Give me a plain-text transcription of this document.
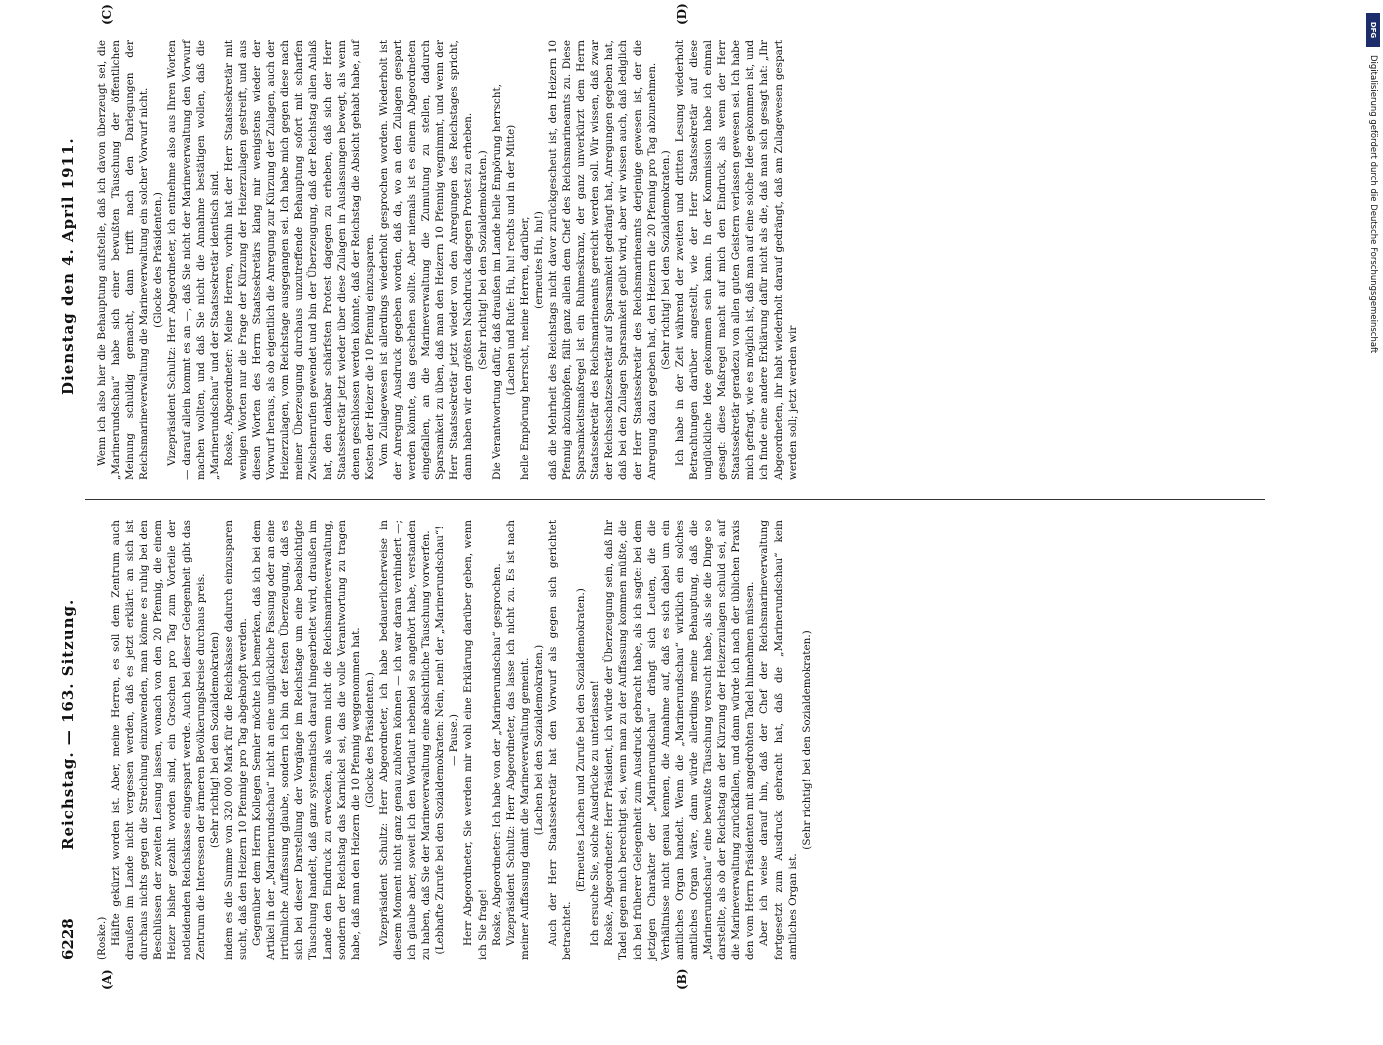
6228
Reichstag. — 163. Sitzung.
Dienstag den 4. April 1911.
(A)	(B)
(C)	(D)

(Roske.) Hälfte gekürzt worden ist. Aber, meine Herren, es soll dem Zentrum auch draußen im Lande nicht vergessen werden, daß es jetzt erklärt: an sich ist durchaus nichts gegen die Streichung einzuwenden, man könne es ruhig bei den Beschlüssen der zweiten Lesung lassen, wonach von den 20 Pfennig, die einem Heizer bisher gezahlt worden sind, ein Groschen pro Tag zum Vorteile der notleidenden Reichskasse eingespart werde. Auch bei dieser Gelegenheit gibt das Zentrum die Interessen der ärmeren Bevölkerungskreise durchaus preis. (Sehr richtig! bei den Sozialdemokraten) indem es die Summe von 320 000 Mark für die Reichskasse dadurch einzusparen sucht, daß den Heizern 10 Pfennige pro Tag abgeknöpft werden. Gegenüber dem Herrn Kollegen Semler möchte ich bemerken, daß ich bei dem Artikel in der „Marinerundschau“ nicht an eine unglückliche Fassung oder an eine irrtümliche Auffassung glaube, sondern ich bin der festen Überzeugung, daß es sich bei dieser Darstellung der Vorgänge im Reichstage um eine beabsichtigte Täuschung handelt, daß ganz systematisch darauf hingearbeitet wird, draußen im Lande den Eindruck zu erwecken, als wenn nicht die Reichsmarineverwaltung, sondern der Reichstag das Karnickel sei, das die volle Verantwortung zu tragen habe, daß man den Heizern die 10 Pfennig weggenommen hat. (Glocke des Präsidenten.) Vizepräsident Schultz: Herr Abgeordneter, ich habe bedauerlicherweise in diesem Moment nicht ganz genau zuhören können — ich war daran verhindert —; ich glaube aber, soweit ich den Wortlaut nebenbei so angehört habe, verstanden zu haben, daß Sie der Marineverwaltung eine absichtliche Täuschung vorwerfen. (Lebhafte Zurufe bei den Sozialdemokraten: Nein, nein! der „Marinerundschau“! — Pause.) Herr Abgeordneter, Sie werden mir wohl eine Erklärung darüber geben, wenn ich Sie frage! Roske, Abgeordneter: Ich habe von der „Marinerundschau“ gesprochen. Vizepräsident Schultz: Herr Abgeordneter, das lasse ich nicht zu. Es ist nach meiner Auffassung damit die Marineverwaltung gemeint. (Lachen bei den Sozialdemokraten.) Auch der Herr Staatssekretär hat den Vorwurf als gegen sich gerichtet betrachtet.

(Erneutes Lachen und Zurufe bei den Sozialdemokraten.) Ich ersuche Sie, solche Ausdrücke zu unterlassen! Roske, Abgeordneter: Herr Präsident, ich würde der Überzeugung sein, daß Ihr Tadel gegen mich berechtigt sei, wenn man zu der Auffassung kommen müßte, die ich bei früherer Gelegenheit zum Ausdruck gebracht habe, als ich sagte: bei dem jetzigen Charakter der „Marinerundschau“ drängt sich Leuten, die die Verhältnisse nicht genau kennen, die Annahme auf, daß es sich dabei um ein amtliches Organ handelt. Wenn die „Marinerundschau“ wirklich ein solches amtliches Organ wäre, dann würde allerdings meine Behauptung, daß die „Marinerundschau“ eine bewußte Täuschung versucht habe, als sie die Dinge so darstellte, als ob der Reichstag an der Kürzung der Heizerzulagen schuld sei, auf die Marineverwaltung zurückfallen, und dann würde ich nach der üblichen Praxis den vom Herrn Präsidenten mit angedrohten Tadel hinnehmen müssen. Aber ich weise darauf hin, daß der Chef der Reichsmarineverwaltung fortgesetzt zum Ausdruck gebracht hat, daß die „Marinerundschau“ kein amtliches Organ ist.

(Sehr richtig! bei den Sozialdemokraten.)

Wenn ich also hier die Behauptung aufstelle, daß ich davon überzeugt sei, die „Marinerundschau“ habe sich einer bewußten Täuschung der öffentlichen Meinung schuldig gemacht, dann trifft nach den Darlegungen der Reichsmarineverwaltung die Marineverwaltung ein solcher Vorwurf nicht. (Glocke des Präsidenten.) Vizepräsident Schultz: Herr Abgeordneter, ich entnehme also aus Ihren Worten — darauf allein kommt es an —, daß Sie nicht der Marineverwaltung den Vorwurf machen wollten, und daß Sie nicht die Annahme bestätigen wollen, daß die „Marinerundschau“ und der Staatssekretär identisch sind. Roske, Abgeordneter: Meine Herren, vorhin hat der Herr Staatssekretär mit wenigen Worten nur die Frage der Kürzung der Heizerzulagen gestreift, und aus diesen Worten des Herrn Staatssekretärs klang mir wenigstens wieder der Vorwurf heraus, als ob eigentlich die Anregung zur Kürzung der Zulagen, auch der Heizerzulagen, vom Reichstage ausgegangen sei. Ich habe mich gegen diese nach meiner Überzeugung durchaus unzutreffende Behauptung sofort mit scharfen Zwischenrufen gewendet und bin der Überzeugung, daß der Reichstag allen Anlaß hat, den denkbar schärfsten Protest dagegen zu erheben, daß sich der Herr Staatssekretär jetzt wieder über diese Zulagen in Auslassungen bewegt, als wenn denen geschlossen werden könnte, daß der Reichstag die Absicht gehabt habe, auf Kosten der Heizer die 10 Pfennig einzusparen. Vom Zulagewesen ist allerdings wiederholt gesprochen worden. Wiederholt ist der Anregung Ausdruck gegeben worden, daß da, wo an den Zulagen gespart werden könnte, das geschehen sollte. Aber niemals ist es einem Abgeordneten eingefallen, an die Marineverwaltung die Zumutung zu stellen, dadurch Sparsamkeit zu üben, daß man den Heizern 10 Pfennig wegnimmt, und wenn der Herr Staatssekretär jetzt wieder von den Anregungen des Reichstages spricht, dann haben wir den größten Nachdruck dagegen Protest zu erheben. (Sehr richtig! bei den Sozialdemokraten.) Die Verantwortung dafür, daß draußen im Lande helle Empörung herrscht, (Lachen und Rufe: Hu, hu! rechts und in der Mitte) helle Empörung herrscht, meine Herren, darüber, (erneutes Hu, hu!) daß die Mehrheit des Reichstags nicht davor zurückgescheut ist, den Heizern 10 Pfennig abzuknöpfen, fällt ganz allein dem Chef des Reichsmarineamts zu. Diese Sparsamkeitsmaßregel ist ein Ruhmeskranz, der ganz unverkürzt dem Herrn Staatssekretär des Reichsmarineamts gereicht werden soll. Wir wissen, daß zwar der Reichsschatzsekretär auf Sparsamkeit gedrängt hat, Anregungen gegeben hat, daß bei den Zulagen Sparsamkeit geübt wird, aber wir wissen auch, daß lediglich der Herr Staatssekretär des Reichsmarineamts derjenige gewesen ist, der die Anregung dazu gegeben hat, den Heizern die 20 Pfennig pro Tag abzunehmen. (Sehr richtig! bei den Sozialdemokraten.) Ich habe in der Zeit während der zweiten und dritten Lesung wiederholt Betrachtungen darüber angestellt, wie der Herr Staatssekretär auf diese unglückliche Idee gekommen sein kann. In der Kommission habe ich einmal gesagt: diese Maßregel macht auf mich den Eindruck, als wenn der Herr Staatssekretär geradezu von allen guten Geistern verlassen gewesen sei. Ich habe mich gefragt, wie es möglich ist, daß man auf eine solche Idee gekommen ist, und ich finde eine andere Erklärung dafür nicht als die, daß man sich gesagt hat: „Ihr Abgeordneten, ihr habt wiederholt darauf gedrängt, daß am Zulagewesen gespart werden soll; jetzt werden wir

DFG
Digitalisierung gefördert durch die Deutsche Forschungsgemeinschaft
